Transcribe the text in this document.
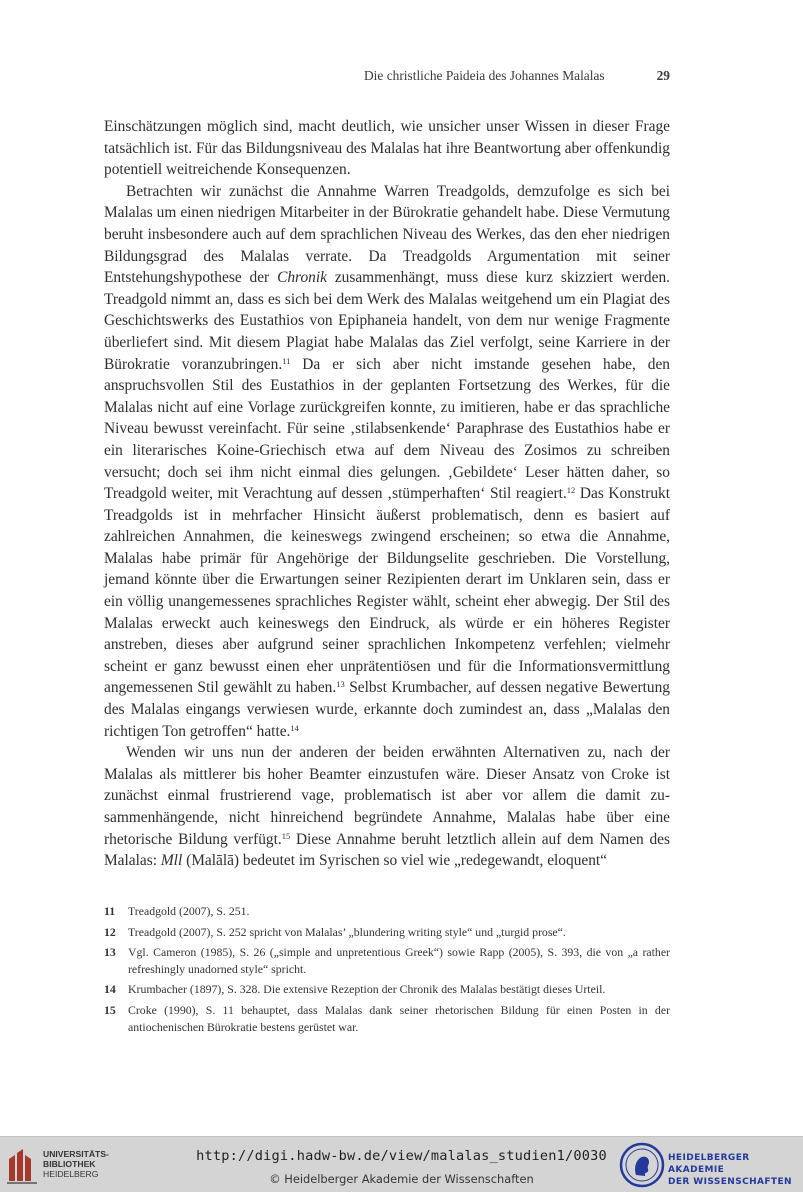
Die christliche Paideia des Johannes Malalas	29

Einschätzungen möglich sind, macht deutlich, wie unsicher unser Wissen in dieser Frage tatsächlich ist. Für das Bildungsniveau des Malalas hat ihre Beantwortung aber offenkundig potentiell weitreichende Konsequenzen.

Betrachten wir zunächst die Annahme Warren Treadgolds, demzufolge es sich bei Malalas um einen niedrigen Mitarbeiter in der Bürokratie gehandelt habe. Diese Vermutung beruht insbesondere auch auf dem sprachlichen Niveau des Werkes, das den eher niedrigen Bildungsgrad des Malalas verrate. Da Treadgolds Argumentation mit seiner Entstehungshypothese der Chronik zusammenhängt, muss diese kurz skizziert werden. Treadgold nimmt an, dass es sich bei dem Werk des Malalas weitgehend um ein Plagiat des Geschichtswerks des Eustathios von Epiphaneia handelt, von dem nur wenige Fragmente überliefert sind. Mit diesem Plagiat habe Malalas das Ziel verfolgt, seine Karriere in der Bürokratie voranzubringen.$^{11}$ Da er sich aber nicht imstande gesehen habe, den anspruchsvollen Stil des Eustathios in der geplanten Fortsetzung des Werkes, für die Malalas nicht auf eine Vorlage zurückgreifen konnte, zu imitieren, habe er das sprachliche Niveau bewusst vereinfacht. Für seine ‚stilabsenkende‘ Paraphrase des Eustathios habe er ein literarisches Koine-Griechisch etwa auf dem Niveau des Zosimos zu schreiben versucht; doch sei ihm nicht einmal dies gelungen. ‚Gebildete‘ Leser hätten daher, so Treadgold weiter, mit Verachtung auf dessen ‚stümperhaften‘ Stil reagiert.$^{12}$ Das Konstrukt Treadgolds ist in mehrfacher Hinsicht äußerst problematisch, denn es basiert auf zahlreichen Annahmen, die keineswegs zwingend erscheinen; so etwa die Annahme, Malalas habe primär für Angehörige der Bildungselite geschrieben. Die Vorstellung, jemand könnte über die Erwartungen seiner Rezipienten derart im Unklaren sein, dass er ein völlig unangemessenes sprachliches Register wählt, scheint eher abwegig. Der Stil des Malalas erweckt auch keineswegs den Eindruck, als würde er ein höheres Register anstreben, dieses aber aufgrund seiner sprachlichen Inkompetenz verfehlen; vielmehr scheint er ganz bewusst einen eher unprätentiösen und für die Informationsvermittlung angemessenen Stil gewählt zu haben.$^{13}$ Selbst Krumbacher, auf dessen negative Bewertung des Malalas eingangs verwiesen wurde, erkannte doch zumindest an, dass „Malalas den richtigen Ton getroffen“ hatte.$^{14}$

Wenden wir uns nun der anderen der beiden erwähnten Alternativen zu, nach der Malalas als mittlerer bis hoher Beamter einzustufen wäre. Dieser Ansatz von Croke ist zunächst einmal frustrierend vage, problematisch ist aber vor allem die damit zusammenhängende, nicht hinreichend begründete Annahme, Malalas habe über eine rhetorische Bildung verfügt.$^{15}$ Diese Annahme beruht letztlich allein auf dem Namen des Malalas: Mll (Malālā) bedeutet im Syrischen so viel wie „redegewandt, eloquent“

11	Treadgold (2007), S. 251.
12	Treadgold (2007), S. 252 spricht von Malalas’ „blundering writing style“ und „turgid prose“.
13	Vgl. Cameron (1985), S. 26 („simple and unpretentious Greek“) sowie Rapp (2005), S. 393, die von „a rather refreshingly unadorned style“ spricht.
14	Krumbacher (1897), S. 328. Die extensive Rezeption der Chronik des Malalas bestätigt dieses Urteil.
15	Croke (1990), S. 11 behauptet, dass Malalas dank seiner rhetorischen Bildung für einen Posten in der antiochenischen Bürokratie bestens gerüstet war.
UNIVERSITÄTS-
BIBLIOTHEK
HEIDELBERG
http://digi.hadw-bw.de/view/malalas_studien1/0030
© Heidelberger Akademie der Wissenschaften
HEIDELBERGER AKADEMIE
DER WISSENSCHAFTEN
